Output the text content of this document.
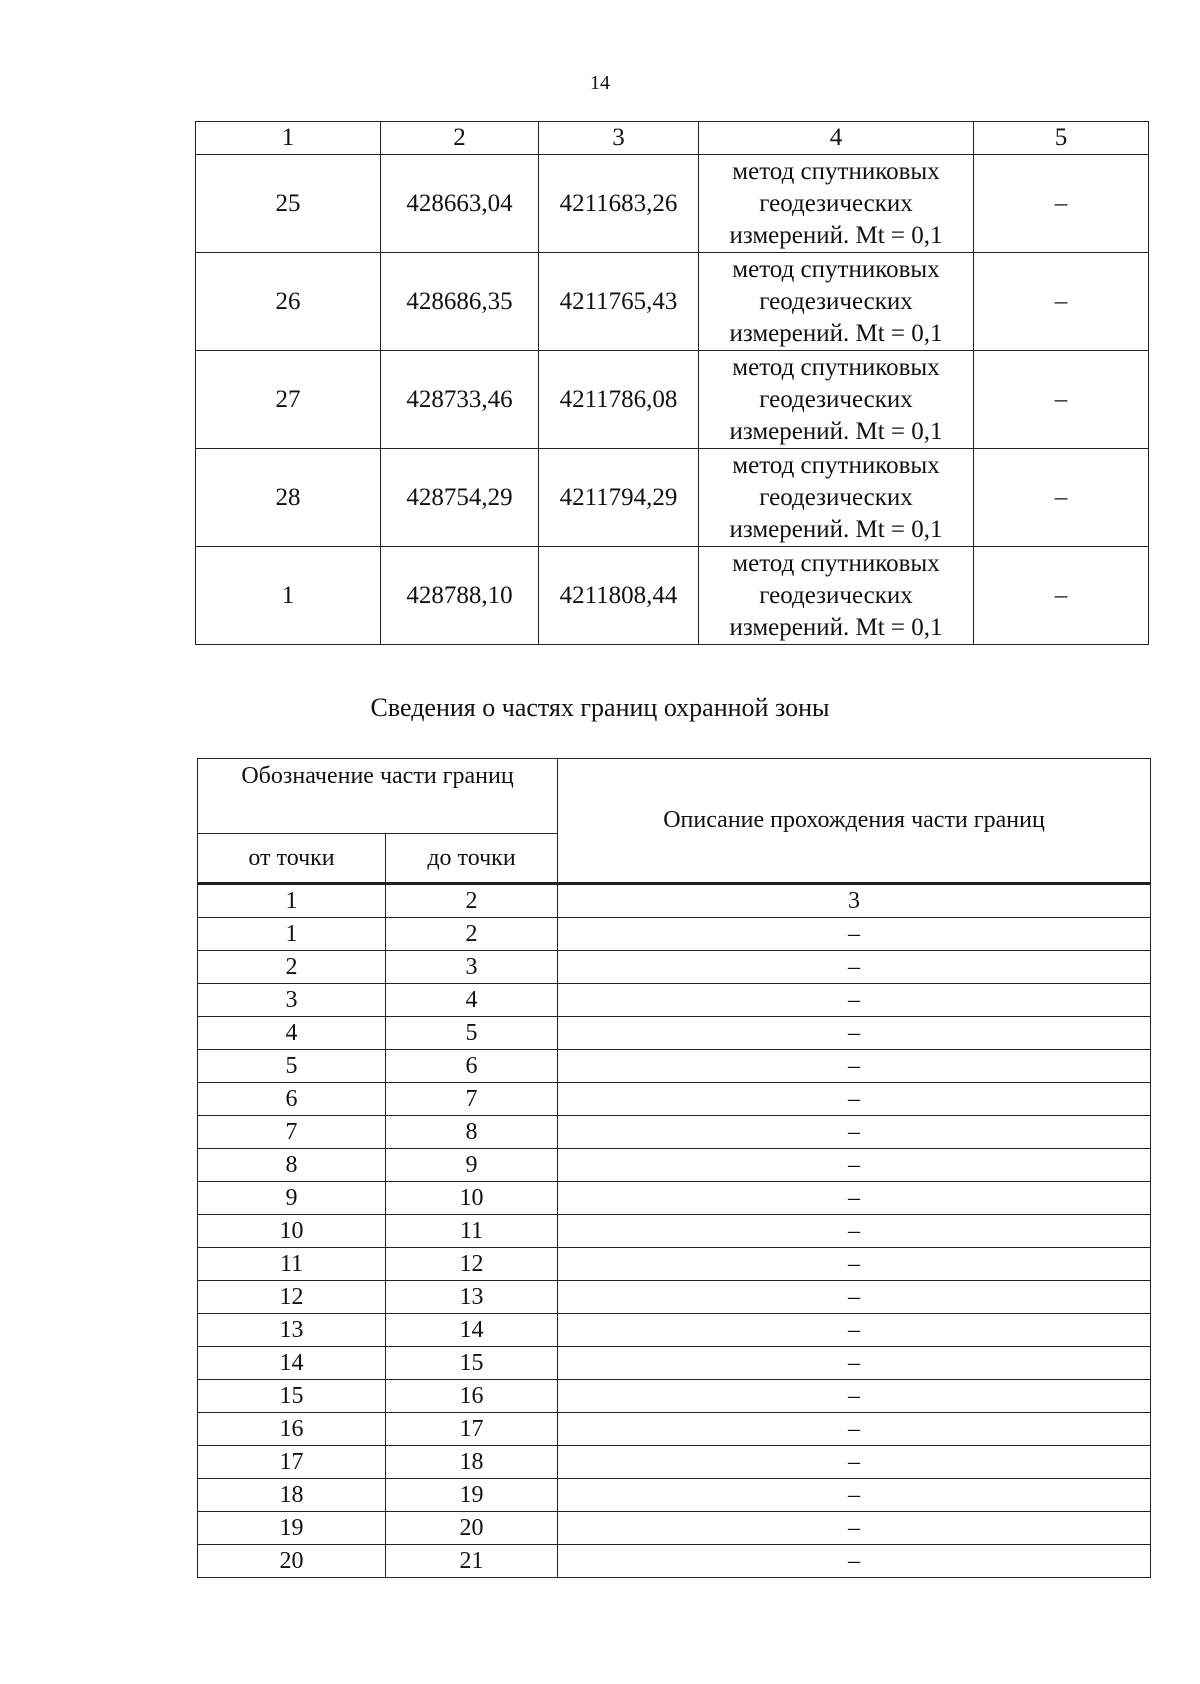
14
1	2	3	4	5
25	428663,04	4211683,26	метод спутниковых
геодезических
измерений. Mt = 0,1	–
26	428686,35	4211765,43	метод спутниковых
геодезических
измерений. Mt = 0,1	–
27	428733,46	4211786,08	метод спутниковых
геодезических
измерений. Mt = 0,1	–
28	428754,29	4211794,29	метод спутниковых
геодезических
измерений. Mt = 0,1	–
1	428788,10	4211808,44	метод спутниковых
геодезических
измерений. Mt = 0,1	–
Сведения о частях границ охранной зоны
Обозначение части границ		Описание прохождения части границ
от точки	до точки	
1	2	3
1	2	–
2	3	–
3	4	–
4	5	–
5	6	–
6	7	–
7	8	–
8	9	–
9	10	–
10	11	–
11	12	–
12	13	–
13	14	–
14	15	–
15	16	–
16	17	–
17	18	–
18	19	–
19	20	–
20	21	–
